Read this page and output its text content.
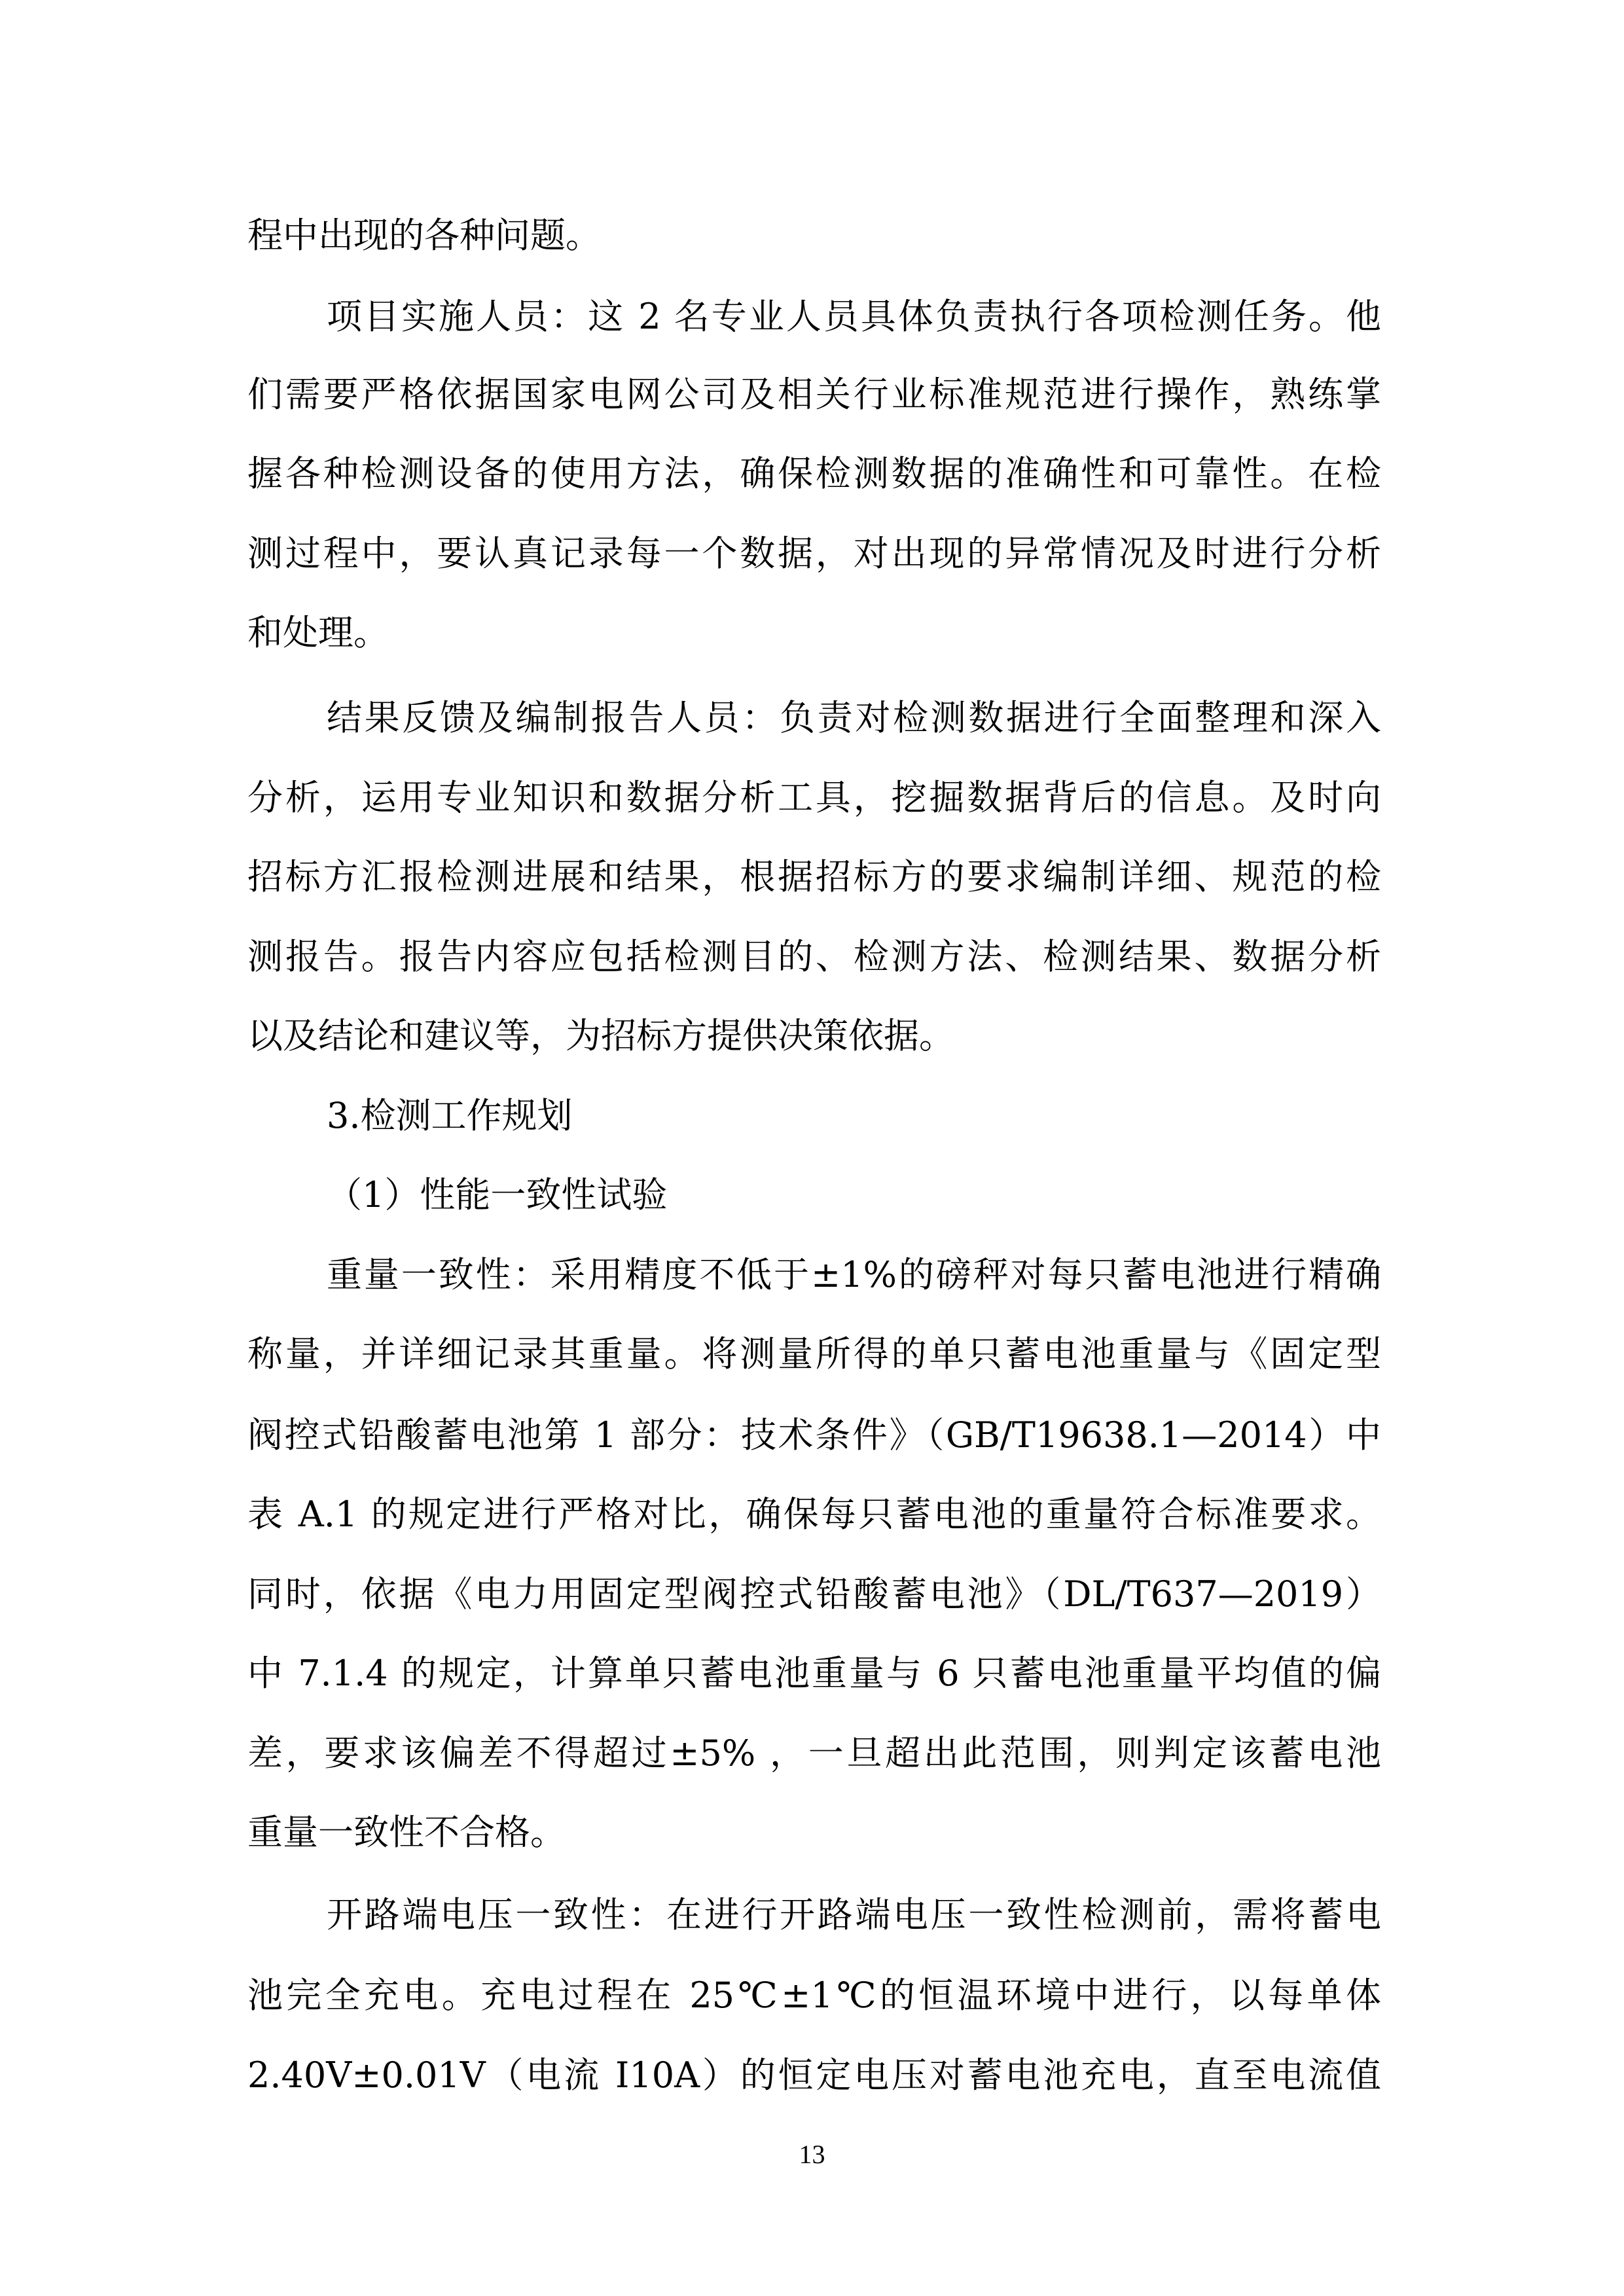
程中出现的各种问题。
项目实施人员：这 2 名专业人员具体负责执行各项检测任务。他
们需要严格依据国家电网公司及相关行业标准规范进行操作，熟练掌
握各种检测设备的使用方法，确保检测数据的准确性和可靠性。在检
测过程中，要认真记录每一个数据，对出现的异常情况及时进行分析
和处理。
结果反馈及编制报告人员：负责对检测数据进行全面整理和深入
分析，运用专业知识和数据分析工具，挖掘数据背后的信息。及时向
招标方汇报检测进展和结果，根据招标方的要求编制详细、规范的检
测报告。报告内容应包括检测目的、检测方法、检测结果、数据分析
以及结论和建议等，为招标方提供决策依据。
3.检测工作规划
（1）性能一致性试验
重量一致性：采用精度不低于±1%的磅秤对每只蓄电池进行精确
称量，并详细记录其重量。将测量所得的单只蓄电池重量与《固定型
阀控式铅酸蓄电池第 1 部分：技术条件》（GB/T19638.1—2014）中
表 A.1 的规定进行严格对比，确保每只蓄电池的重量符合标准要求。
同时，依据《电力用固定型阀控式铅酸蓄电池》（DL/T637—2019）
中 7.1.4 的规定，计算单只蓄电池重量与 6 只蓄电池重量平均值的偏
差，要求该偏差不得超过±5% ，一旦超出此范围，则判定该蓄电池
重量一致性不合格。
开路端电压一致性：在进行开路端电压一致性检测前，需将蓄电
池完全充电。充电过程在 25℃±1℃的恒温环境中进行，以每单体
2.40V±0.01V（电流 I10A）的恒定电压对蓄电池充电，直至电流值
13
